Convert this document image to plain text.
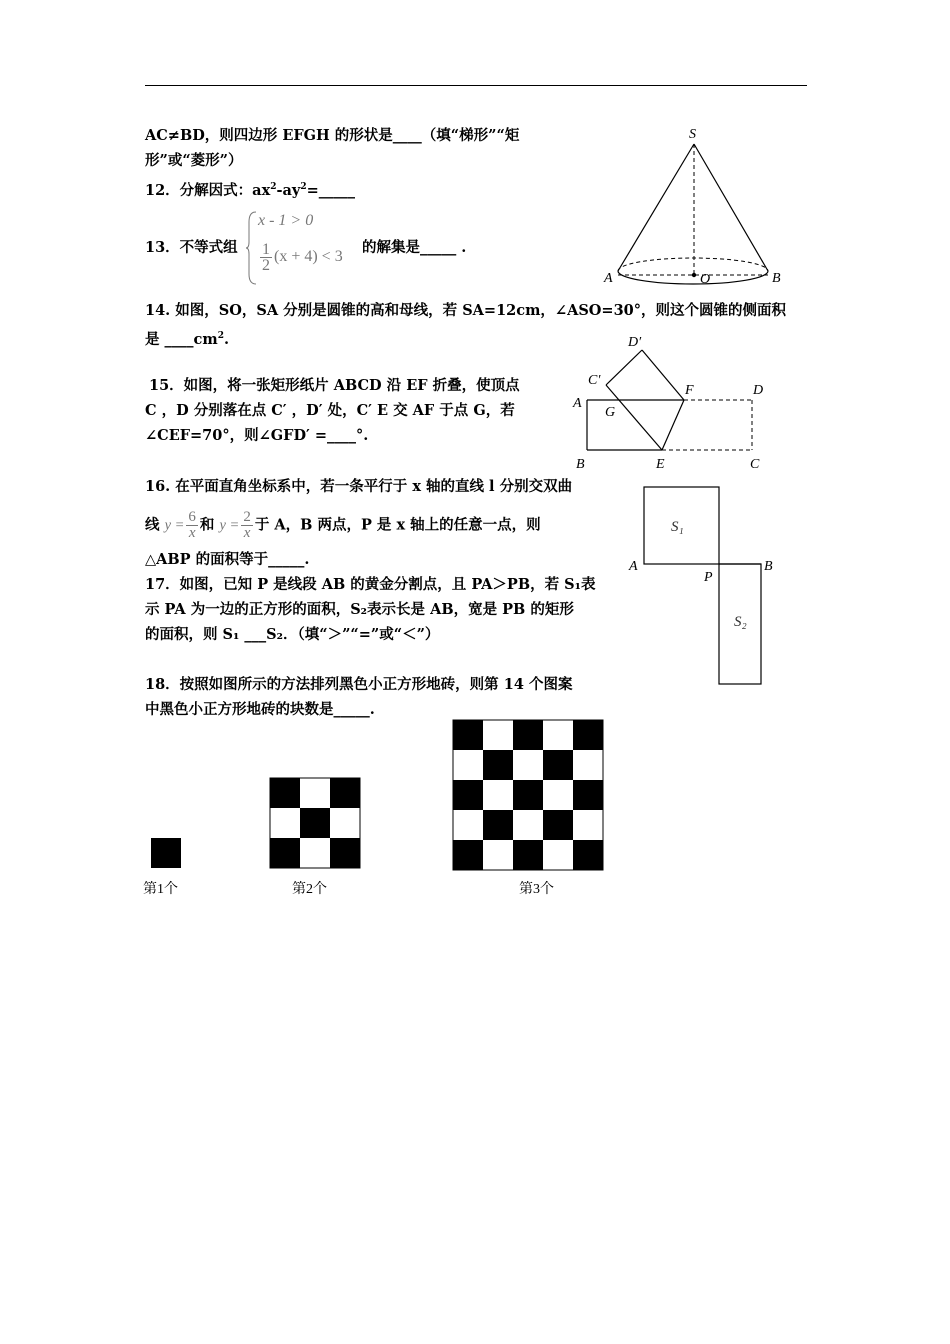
AC≠BD，则四边形 EFGH 的形状是____（填“梯形”“矩
形”或“菱形”）
12．分解因式：$ax^2-ay^2=\_\_\_\_\_$
13．不等式组
x - 1 > 0
$\frac{1}{2} (x + 4) < 3$
的解集是_____ .
S
A	O	B
14. 如图，SO，SA 分别是圆锥的高和母线，若 SA=12cm，∠ASO=30°，则这个圆锥的侧面积
是 $\_\_\_\_cm^2$.
15．如图，将一张矩形纸片 ABCD 沿 EF 折叠，使顶点
C ，D 分别落在点 C′ ，D′ 处，C′ E 交 AF 于点 G，若
∠CEF=70°，则∠GFD′ =____°.
D′
C′
A
G
F	D
B	E	C
16. 在平面直角坐标系中，若一条平行于 x 轴的直线 l 分别交双曲
线 $y = \frac{6}{x}$ 和 $y = \frac{2}{x}$ 于 A，B 两点，P 是 x 轴上的任意一点，则
△ABP 的面积等于_____.
17．如图，已知 P 是线段 AB 的黄金分割点，且 PA＞PB，若 S₁表
示 PA 为一边的正方形的面积，S₂表示长是 AB，宽是 PB 的矩形
的面积，则 S₁ ___S₂．（填“＞”“=”或“＜”）
S₁
S₂
A
P
B
18．按照如图所示的方法排列黑色小正方形地砖，则第 14 个图案
中黑色小正方形地砖的块数是_____.
第1个	第2个	第3个
